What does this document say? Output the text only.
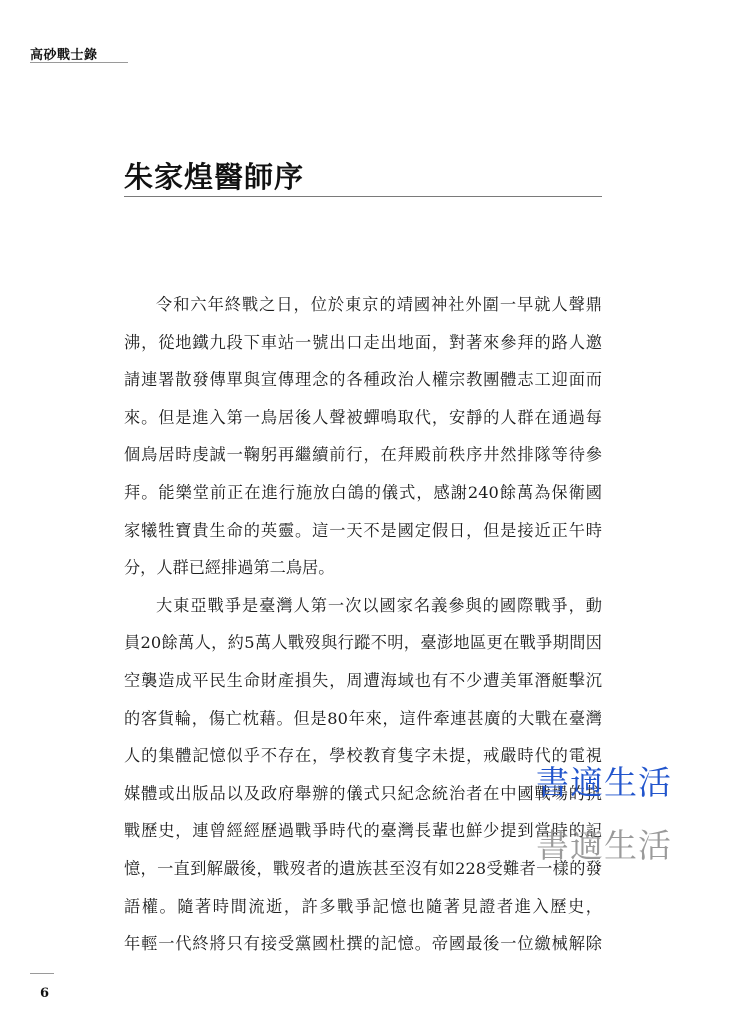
高砂戰士錄
朱家煌醫師序
令和六年終戰之日，位於東京的靖國神社外圍一早就人聲鼎
沸，從地鐵九段下車站一號出口走出地面，對著來參拜的路人邀
請連署散發傳單與宣傳理念的各種政治人權宗教團體志工迎面而
來。但是進入第一鳥居後人聲被蟬鳴取代，安靜的人群在通過每
個鳥居時虔誠一鞠躬再繼續前行，在拜殿前秩序井然排隊等待參
拜。能樂堂前正在進行施放白鴿的儀式，感謝240餘萬為保衛國
家犧牲寶貴生命的英靈。這一天不是國定假日，但是接近正午時
分，人群已經排過第二鳥居。
大東亞戰爭是臺灣人第一次以國家名義參與的國際戰爭，動
員20餘萬人，約5萬人戰歿與行蹤不明，臺澎地區更在戰爭期間因
空襲造成平民生命財產損失，周遭海域也有不少遭美軍潛艇擊沉
的客貨輪，傷亡枕藉。但是80年來，這件牽連甚廣的大戰在臺灣
人的集體記憶似乎不存在，學校教育隻字未提，戒嚴時代的電視
媒體或出版品以及政府舉辦的儀式只紀念統治者在中國戰場的抗
戰歷史，連曾經經歷過戰爭時代的臺灣長輩也鮮少提到當時的記
憶，一直到解嚴後，戰歿者的遺族甚至沒有如228受難者一樣的發
語權。隨著時間流逝，許多戰爭記憶也隨著見證者進入歷史，
年輕一代終將只有接受黨國杜撰的記憶。帝國最後一位繳械解除
書適生活
書適生活
6
